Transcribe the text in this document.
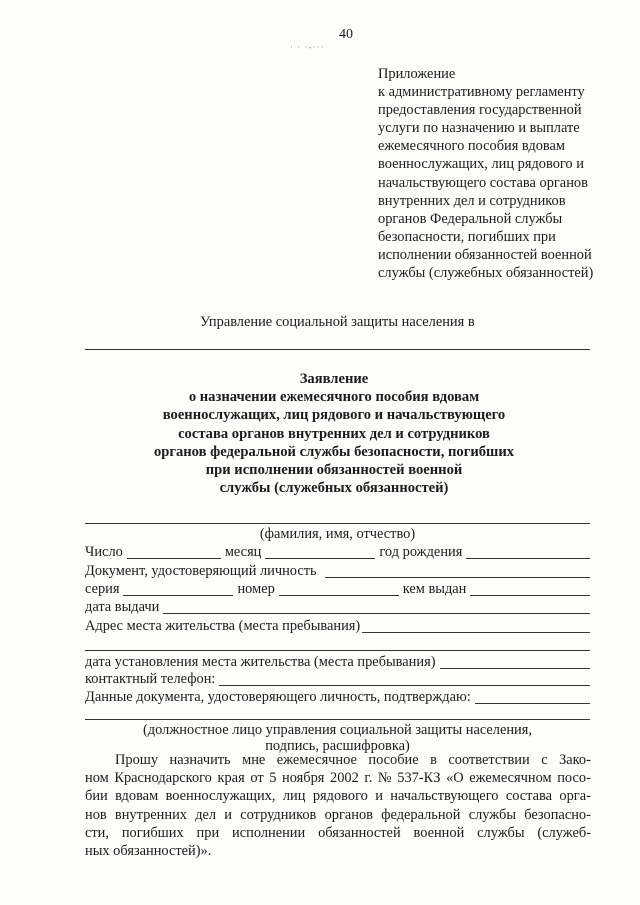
40
· · ·-···
Приложение
к административному регламенту
предоставления государственной
услуги по назначению и выплате
ежемесячного пособия вдовам
военнослужащих, лиц рядового и
начальствующего состава органов
внутренних дел и сотрудников
органов Федеральной службы
безопасности, погибших при
исполнении обязанностей военной
службы (служебных обязанностей)
Управление социальной защиты населения в
Заявление
о назначении ежемесячного пособия вдовам
военнослужащих, лиц рядового и начальствующего
состава органов внутренних дел и сотрудников
органов федеральной службы безопасности, погибших
при исполнении обязанностей военной
службы (служебных обязанностей)
(фамилия, имя, отчество)
Число	месяц	год рождения
Документ, удостоверяющий личность
серия	номер	кем выдан
дата выдачи
Адрес места жительства (места пребывания)
дата установления места жительства (места пребывания)
контактный телефон:
Данные документа, удостоверяющего личность, подтверждаю:
(должностное лицо управления социальной защиты населения,
подпись, расшифровка)
Прошу назначить мне ежемесячное пособие в соответствии с Зако-
ном Краснодарского края от 5 ноября 2002 г. № 537-КЗ «О ежемесячном посо-
бии вдовам военнослужащих, лиц рядового и начальствующего состава орга-
нов внутренних дел и сотрудников органов федеральной службы безопасно-
сти, погибших при исполнении обязанностей военной службы (служеб-
ных обязанностей)».
